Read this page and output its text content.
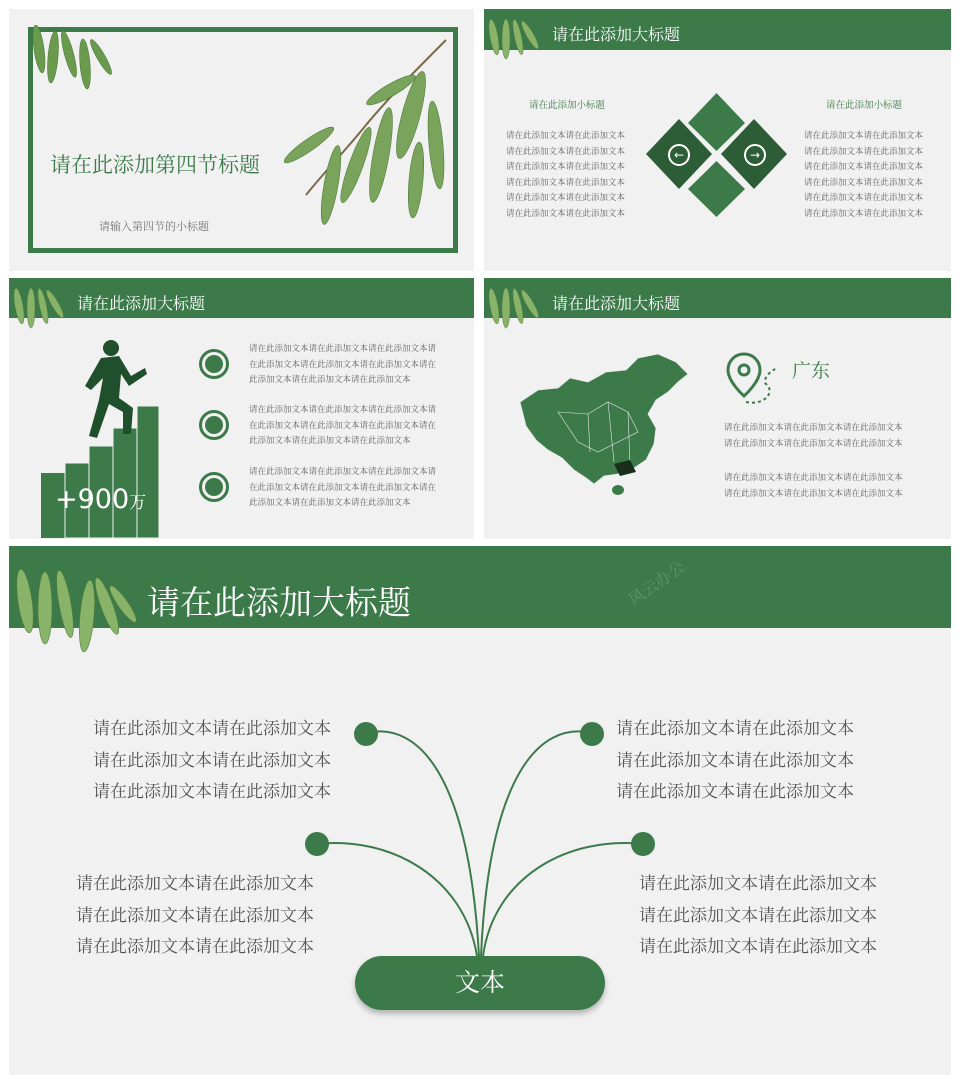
请在此添加第四节标题
请输入第四节的小标题
请在此添加大标题
请在此添加小标题	请在此添加小标题
请在此添加文本请在此添加文本
请在此添加文本请在此添加文本
请在此添加文本请在此添加文本
请在此添加文本请在此添加文本
请在此添加文本请在此添加文本
请在此添加文本请在此添加文本
请在此添加文本请在此添加文本
请在此添加文本请在此添加文本
请在此添加文本请在此添加文本
请在此添加文本请在此添加文本
请在此添加文本请在此添加文本
请在此添加文本请在此添加文本
←	→
请在此添加大标题
+900万
请在此添加文本请在此添加文本请在此添加文本请
在此添加文本请在此添加文本请在此添加文本请在
此添加文本请在此添加文本请在此添加文本
请在此添加文本请在此添加文本请在此添加文本请
在此添加文本请在此添加文本请在此添加文本请在
此添加文本请在此添加文本请在此添加文本
请在此添加文本请在此添加文本请在此添加文本请
在此添加文本请在此添加文本请在此添加文本请在
此添加文本请在此添加文本请在此添加文本
请在此添加大标题
广东
请在此添加文本请在此添加文本请在此添加文本
请在此添加文本请在此添加文本请在此添加文本
请在此添加文本请在此添加文本请在此添加文本
请在此添加文本请在此添加文本请在此添加文本
请在此添加大标题	风云办公
请在此添加文本请在此添加文本
请在此添加文本请在此添加文本
请在此添加文本请在此添加文本
请在此添加文本请在此添加文本
请在此添加文本请在此添加文本
请在此添加文本请在此添加文本
请在此添加文本请在此添加文本
请在此添加文本请在此添加文本
请在此添加文本请在此添加文本
请在此添加文本请在此添加文本
请在此添加文本请在此添加文本
请在此添加文本请在此添加文本
文本
